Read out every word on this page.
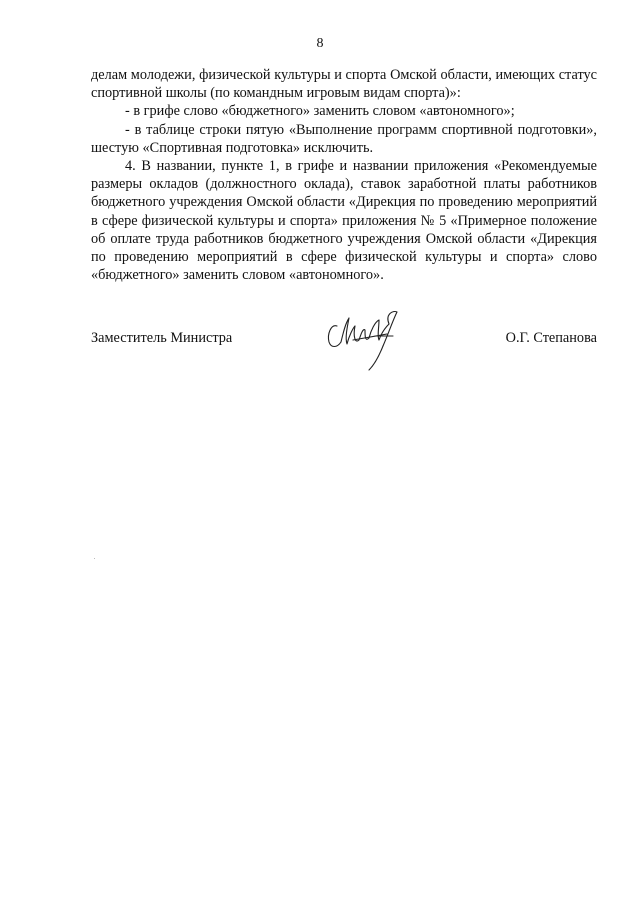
8

делам молодежи, физической культуры и спорта Омской области, имеющих статус спортивной школы (по командным игровым видам спорта)»:

- в грифе слово «бюджетного» заменить словом «автономного»;

- в таблице строки пятую «Выполнение программ спортивной подготовки», шестую «Спортивная подготовка» исключить.

4. В названии, пункте 1, в грифе и названии приложения «Рекомендуемые размеры окладов (должностного оклада), ставок заработной платы работников бюджетного учреждения Омской области «Дирекция по проведению мероприятий в сфере физической культуры и спорта» приложения № 5 «Примерное положение об оплате труда работников бюджетного учреждения Омской области «Дирекция по проведению мероприятий в сфере физической культуры и спорта» слово «бюджетного» заменить словом «автономного».

Заместитель Министра	О.Г. Степанова
